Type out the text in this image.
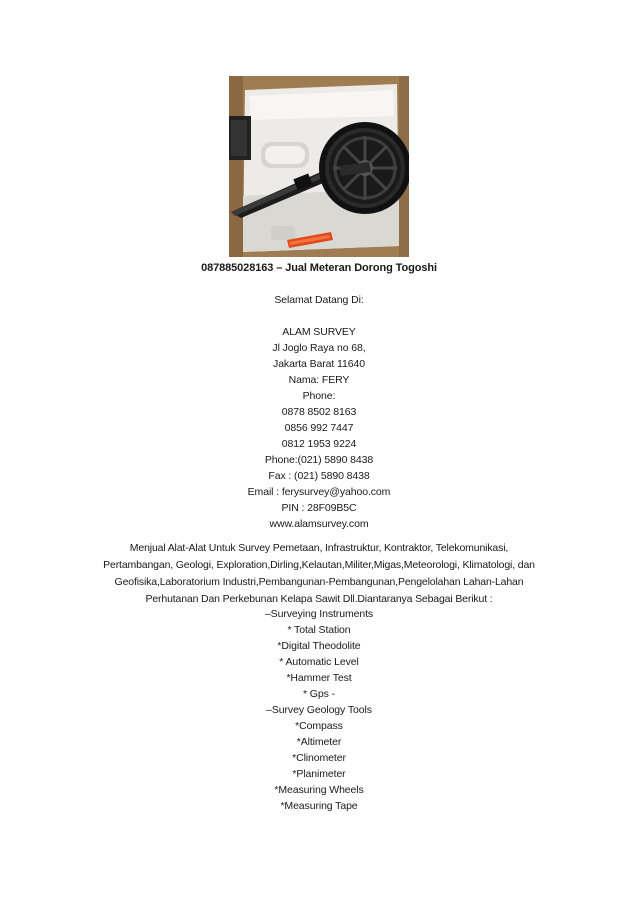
087885028163 – Jual Meteran Dorong Togoshi
Selamat Datang Di:
ALAM SURVEY
Jl Joglo Raya no 68,
Jakarta Barat 11640
Nama: FERY
Phone:
0878 8502 8163
0856 992 7447
0812 1953 9224
Phone:(021) 5890 8438
Fax : (021) 5890 8438
Email : ferysurvey@yahoo.com
PIN : 28F09B5C
www.alamsurvey.com
Menjual Alat-Alat Untuk Survey Pemetaan, Infrastruktur, Kontraktor, Telekomunikasi,
Pertambangan, Geologi, Exploration,Dirling,Kelautan,Militer,Migas,Meteorologi, Klimatologi, dan
Geofisika,Laboratorium Industri,Pembangunan-Pembangunan,Pengelolahan Lahan-Lahan
Perhutanan Dan Perkebunan Kelapa Sawit Dll.Diantaranya Sebagai Berikut :
–Surveying Instruments
* Total Station
*Digital Theodolite
* Automatic Level
*Hammer Test
* Gps -
–Survey Geology Tools
*Compass
*Altimeter
*Clinometer
*Planimeter
*Measuring Wheels
*Measuring Tape
